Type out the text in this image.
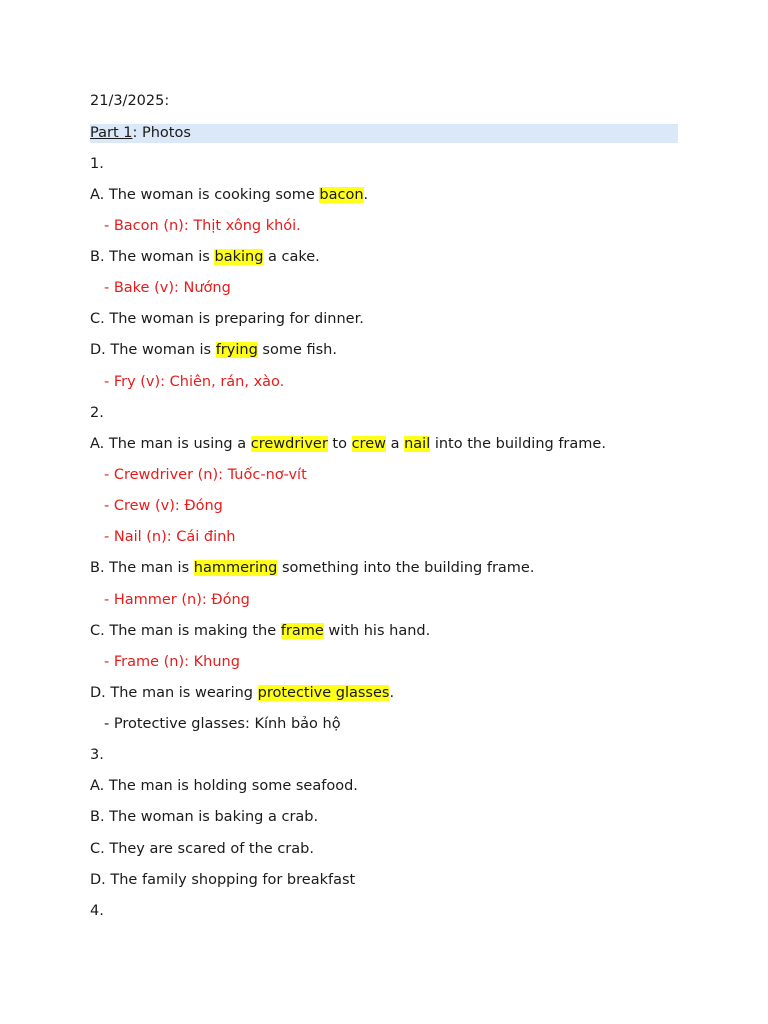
21/3/2025:
Part 1: Photos
1.
A. The woman is cooking some bacon.
- Bacon (n): Thịt xông khói.
B. The woman is baking a cake.
- Bake (v): Nướng
C. The woman is preparing for dinner.
D. The woman is frying some fish.
- Fry (v): Chiên, rán, xào.
2.
A. The man is using a crewdriver to crew a nail into the building frame.
- Crewdriver (n): Tuốc-nơ-vít
- Crew (v): Đóng
- Nail (n): Cái đinh
B. The man is hammering something into the building frame.
- Hammer (n): Đóng
C. The man is making the frame with his hand.
- Frame (n): Khung
D. The man is wearing protective glasses.
- Protective glasses: Kính bảo hộ
3.
A. The man is holding some seafood.
B. The woman is baking a crab.
C. They are scared of the crab.
D. The family shopping for breakfast
4.
